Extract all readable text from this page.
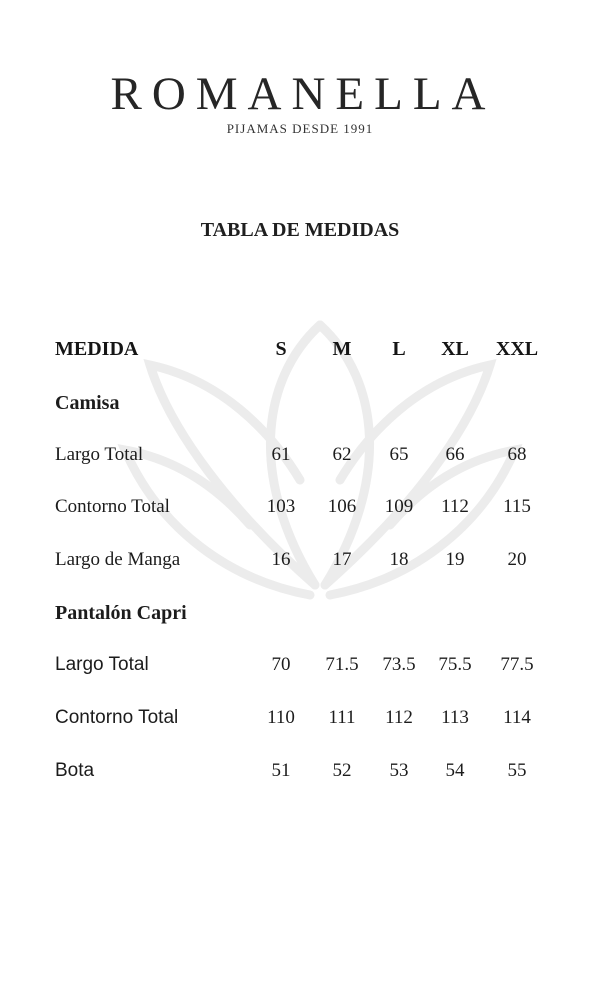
ROMANELLA
PIJAMAS DESDE 1991
TABLA DE MEDIDAS
MEDIDA	S	M	L	XL	XXL
Camisa
Largo Total	61	62	65	66	68
Contorno Total	103	106	109	112	115
Largo de Manga	16	17	18	19	20
Pantalón Capri
Largo Total	70	71.5	73.5	75.5	77.5
Contorno Total	110	111	112	113	114
Bota	51	52	53	54	55
